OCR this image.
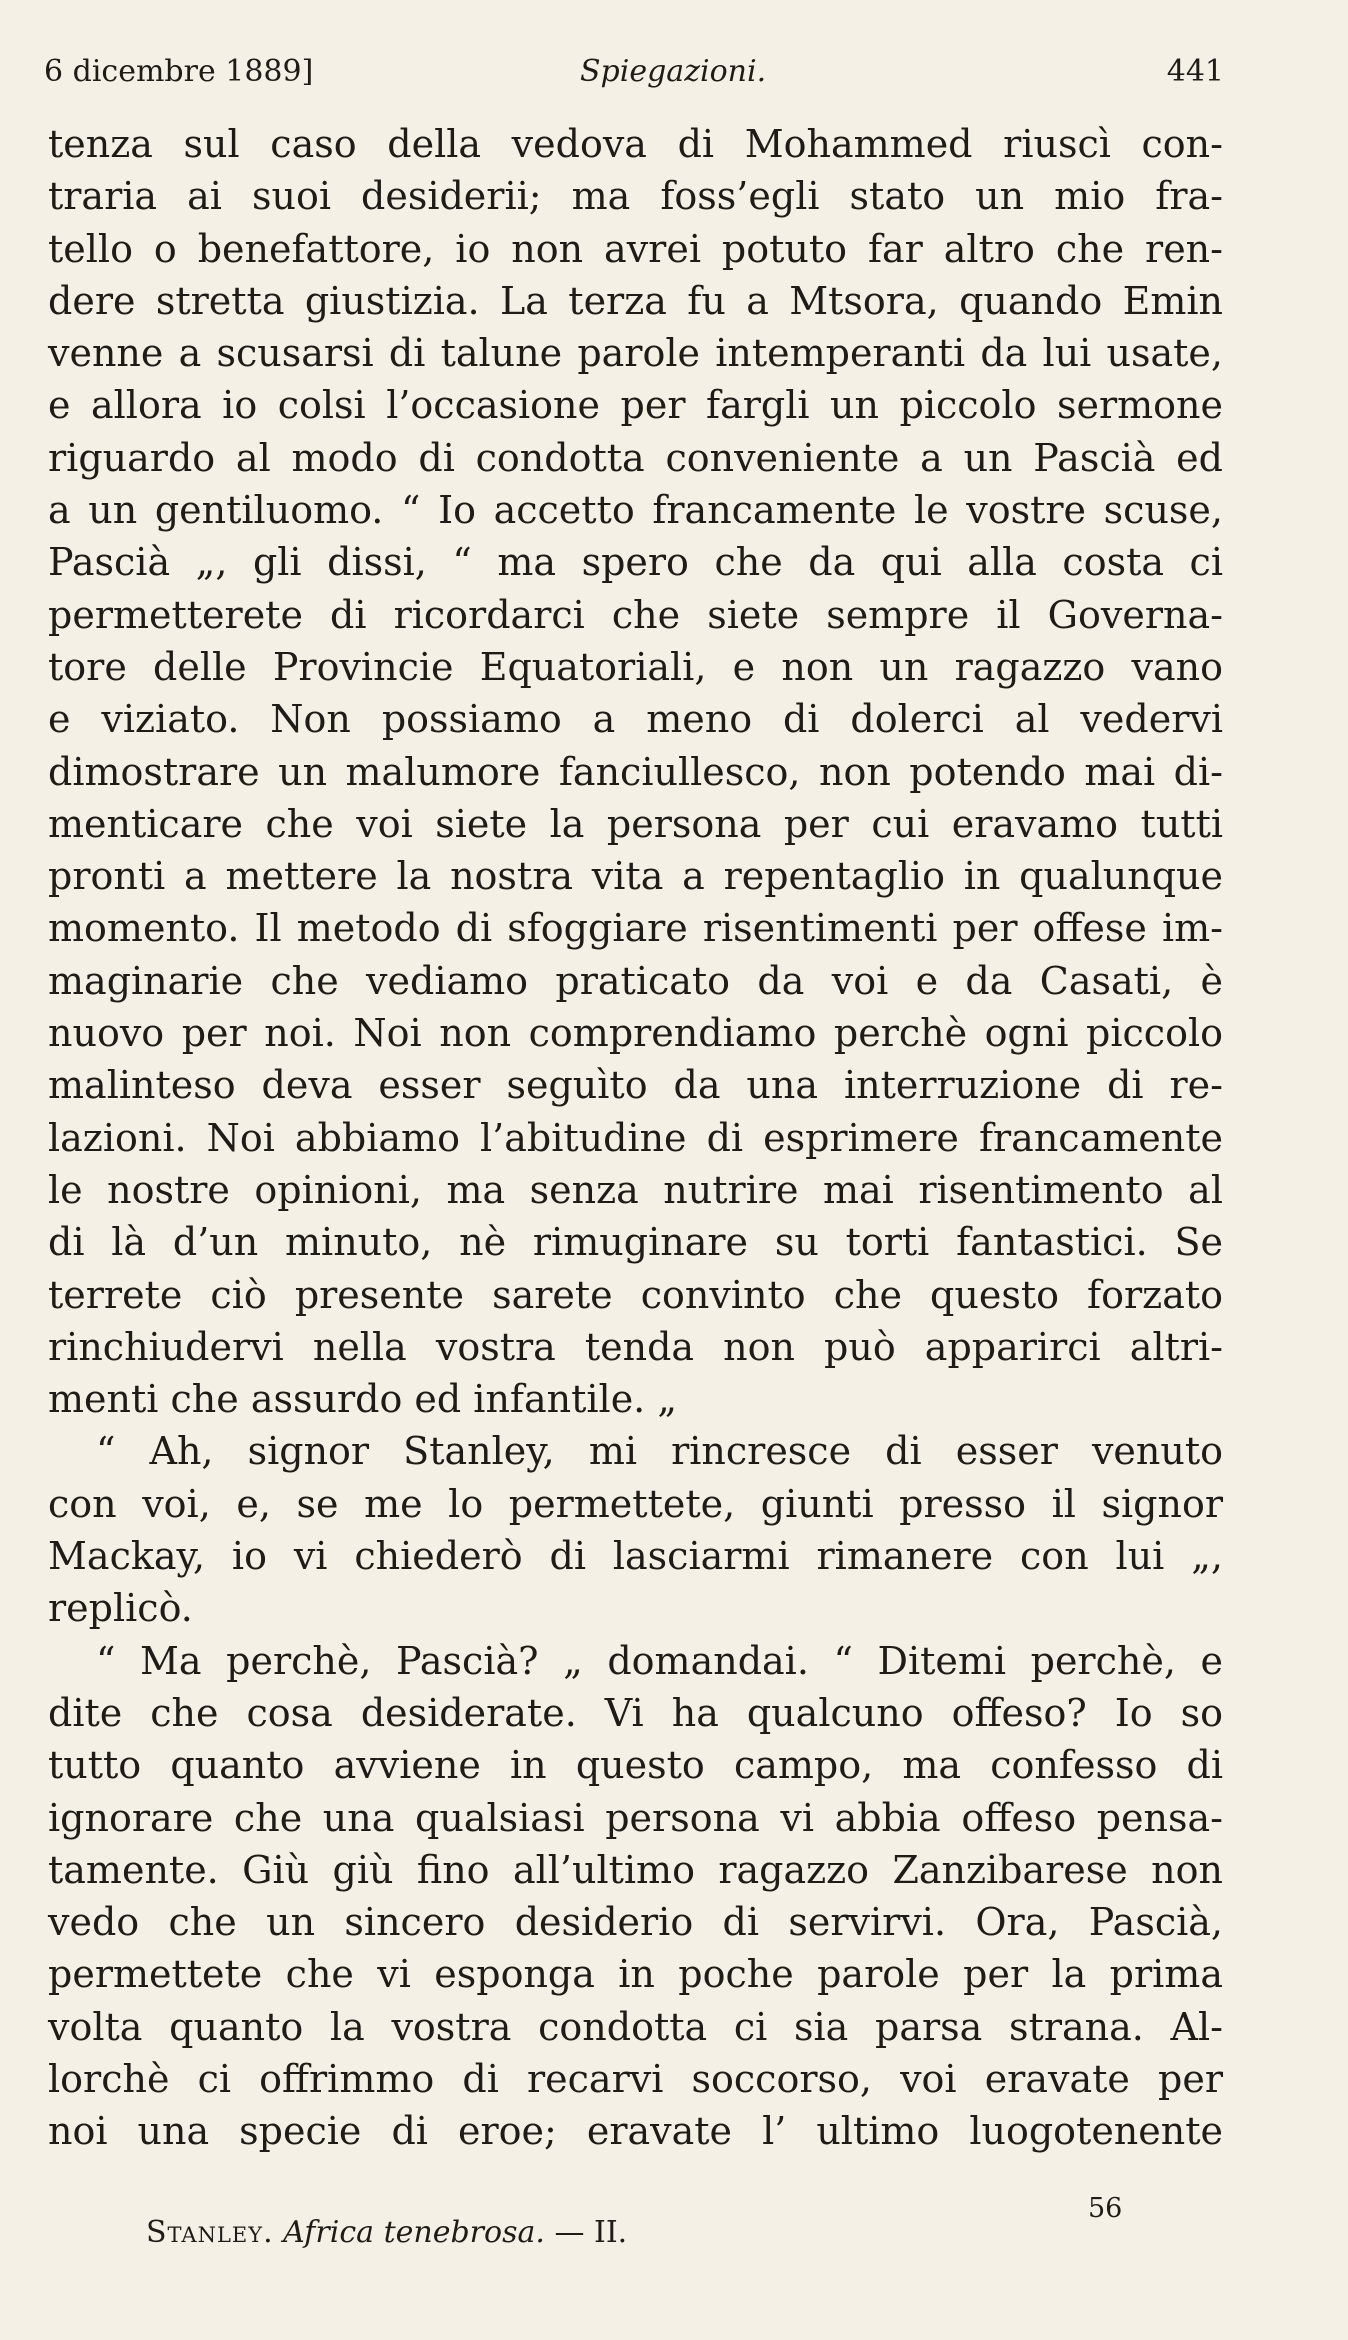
6 dicembre 1889]	Spiegazioni.	441
tenza sul caso della vedova di Mohammed riuscì con-
traria ai suoi desiderii; ma foss’egli stato un mio fra-
tello o benefattore, io non avrei potuto far altro che ren-
dere stretta giustizia. La terza fu a Mtsora, quando Emin
venne a scusarsi di talune parole intemperanti da lui usate,
e allora io colsi l’occasione per fargli un piccolo sermone
riguardo al modo di condotta conveniente a un Pascià ed
a un gentiluomo. “ Io accetto francamente le vostre scuse,
Pascià „, gli dissi, “ ma spero che da qui alla costa ci
permetterete di ricordarci che siete sempre il Governa-
tore delle Provincie Equatoriali, e non un ragazzo vano
e viziato. Non possiamo a meno di dolerci al vedervi
dimostrare un malumore fanciullesco, non potendo mai di-
menticare che voi siete la persona per cui eravamo tutti
pronti a mettere la nostra vita a repentaglio in qualunque
momento. Il metodo di sfoggiare risentimenti per offese im-
maginarie che vediamo praticato da voi e da Casati, è
nuovo per noi. Noi non comprendiamo perchè ogni piccolo
malinteso deva esser seguìto da una interruzione di re-
lazioni. Noi abbiamo l’abitudine di esprimere francamente
le nostre opinioni, ma senza nutrire mai risentimento al
di là d’un minuto, nè rimuginare su torti fantastici. Se
terrete ciò presente sarete convinto che questo forzato
rinchiudervi nella vostra tenda non può apparirci altri-
menti che assurdo ed infantile. „
“ Ah, signor Stanley, mi rincresce di esser venuto
con voi, e, se me lo permettete, giunti presso il signor
Mackay, io vi chiederò di lasciarmi rimanere con lui „,
replicò.
“ Ma perchè, Pascià? „ domandai. “ Ditemi perchè, e
dite che cosa desiderate. Vi ha qualcuno offeso? Io so
tutto quanto avviene in questo campo, ma confesso di
ignorare che una qualsiasi persona vi abbia offeso pensa-
tamente. Giù giù fino all’ultimo ragazzo Zanzibarese non
vedo che un sincero desiderio di servirvi. Ora, Pascià,
permettete che vi esponga in poche parole per la prima
volta quanto la vostra condotta ci sia parsa strana. Al-
lorchè ci offrimmo di recarvi soccorso, voi eravate per
noi una specie di eroe; eravate l’ ultimo luogotenente
Stanley. Africa tenebrosa. — II.
56
